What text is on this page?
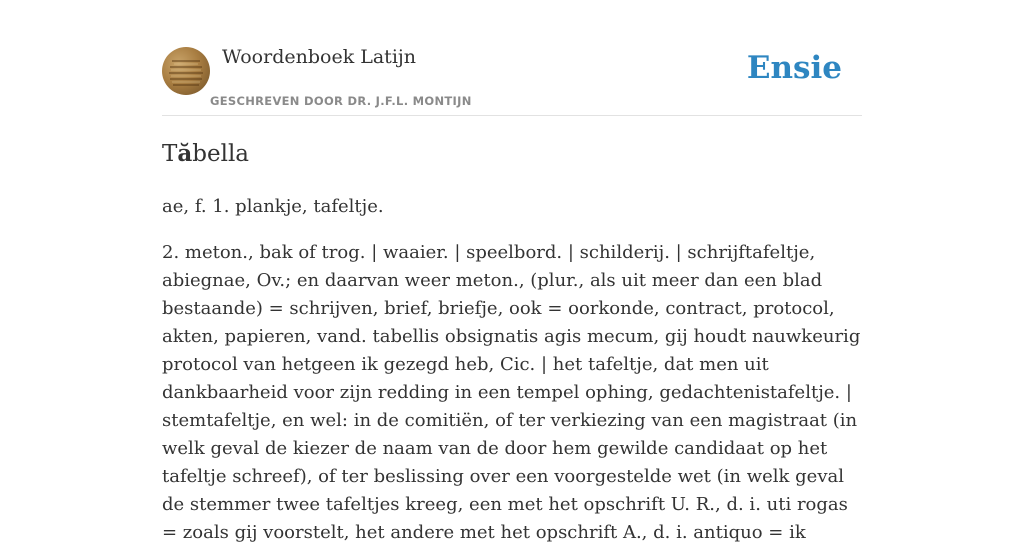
Woordenboek Latijn
GESCHREVEN DOOR DR. J.F.L. MONTIJN
Ensie
Tăbella

ae, f. 1. plankje, tafeltje.

2. meton., bak of trog. | waaier. | speelbord. | schilderij. | schrijftafeltje, abiegnae, Ov.; en daarvan weer meton., (plur., als uit meer dan een blad bestaande) = schrijven, brief, briefje, ook = oorkonde, contract, protocol, akten, papieren, vand. tabellis obsignatis agis mecum, gij houdt nauwkeurig protocol van hetgeen ik gezegd heb, Cic. | het tafeltje, dat men uit dankbaarheid voor zijn redding in een tempel ophing, gedachtenistafeltje. | stemtafeltje, en wel: in de comitiën, of ter verkiezing van een magistraat (in welk geval de kiezer de naam van de door hem gewilde candidaat op het tafeltje schreef), of ter beslissing over een voorgestelde wet (in welk geval de stemmer twee tafeltjes kreeg, een met het opschrift U. R., d. i. uti rogas = zoals gij voorstelt, het andere met het opschrift A., d. i. antiquo = ik
